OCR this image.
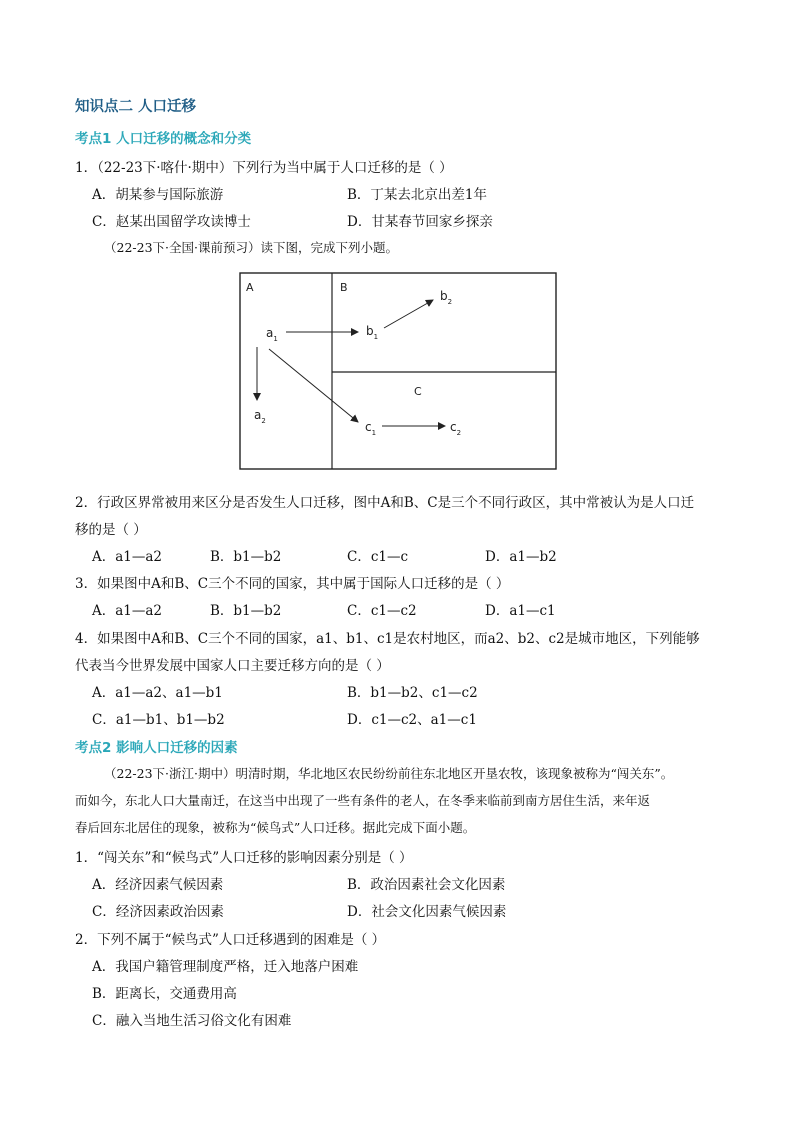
知识点二 人口迁移
考点1 人口迁移的概念和分类
1．（22-23下·喀什·期中）下列行为当中属于人口迁移的是（ ）
A．胡某参与国际旅游	B．丁某去北京出差1年
C．赵某出国留学攻读博士	D．甘某春节回家乡探亲
（22-23下·全国·课前预习）读下图，完成下列小题。
A	B
C
$a_1$
$a_2$
$b_1$
$b_2$
$c_1$	$c_2$
2．行政区界常被用来区分是否发生人口迁移，图中A和B、C是三个不同行政区，其中常被认为是人口迁
移的是（ ）
A．a1—a2	B．b1—b2	C．c1—c	D．a1—b2
3．如果图中A和B、C三个不同的国家，其中属于国际人口迁移的是（ ）
A．a1—a2	B．b1—b2	C．c1—c2	D．a1—c1
4．如果图中A和B、C三个不同的国家，a1、b1、c1是农村地区，而a2、b2、c2是城市地区，下列能够
代表当今世界发展中国家人口主要迁移方向的是（ ）
A．a1—a2、a1—b1	B．b1—b2、c1—c2
C．a1—b1、b1—b2	D．c1—c2、a1—c1
考点2 影响人口迁移的因素
（22-23下·浙江·期中）明清时期，华北地区农民纷纷前往东北地区开垦农牧，该现象被称为“闯关东”。
而如今，东北人口大量南迁，在这当中出现了一些有条件的老人，在冬季来临前到南方居住生活，来年返
春后回东北居住的现象，被称为“候鸟式”人口迁移。据此完成下面小题。
1．“闯关东”和“候鸟式”人口迁移的影响因素分别是（ ）
A．经济因素气候因素	B．政治因素社会文化因素
C．经济因素政治因素	D．社会文化因素气候因素
2．下列不属于“候鸟式”人口迁移遇到的困难是（ ）
A．我国户籍管理制度严格，迁入地落户困难
B．距离长，交通费用高
C．融入当地生活习俗文化有困难
